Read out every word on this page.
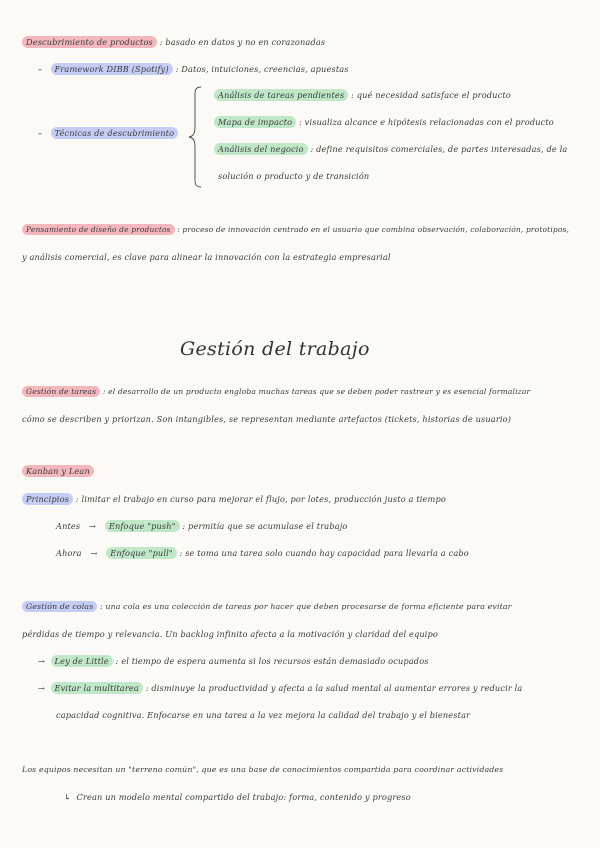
Descubrimiento de productos : basado en datos y no en corazonadas
–   Framework DIBB (Spotify) : Datos, intuiciones, creencias, apuestas
–   Técnicas de descubrimiento
Análisis de tareas pendientes : qué necesidad satisface el producto
Mapa de impacto : visualiza alcance e hipótesis relacionadas con el producto
Análisis del negocio : define requisitos comerciales, de partes interesadas, de la
solución o producto y de transición
Pensamiento de diseño de productos : proceso de innovación centrado en el usuario que combina observación, colaboración, prototipos,
y análisis comercial, es clave para alinear la innovación con la estrategia empresarial
Gestión del trabajo
Gestión de tareas : el desarrollo de un producto engloba muchas tareas que se deben poder rastrear y es esencial formalizar
cómo se describen y priorizan. Son intangibles, se representan mediante artefactos (tickets, historias de usuario)
Kanban y Lean
Principios : limitar el trabajo en curso para mejorar el flujo, por lotes, producción justo a tiempo
Antes → Enfoque "push" : permitía que se acumulase el trabajo
Ahora → Enfoque "pull" : se toma una tarea solo cuando hay capacidad para llevarla a cabo
Gestión de colas : una cola es una colección de tareas por hacer que deben procesarse de forma eficiente para evitar
pérdidas de tiempo y relevancia. Un backlog infinito afecta a la motivación y claridad del equipo
→  Ley de Little : el tiempo de espera aumenta si los recursos están demasiado ocupados
→  Evitar la multitarea : disminuye la productividad y afecta a la salud mental al aumentar errores y reducir la
capacidad cognitiva. Enfocarse en una tarea a la vez mejora la calidad del trabajo y el bienestar
Los equipos necesitan un "terreno común", que es una base de conocimientos compartida para coordinar actividades
↳  Crean un modelo mental compartido del trabajo: forma, contenido y progreso
